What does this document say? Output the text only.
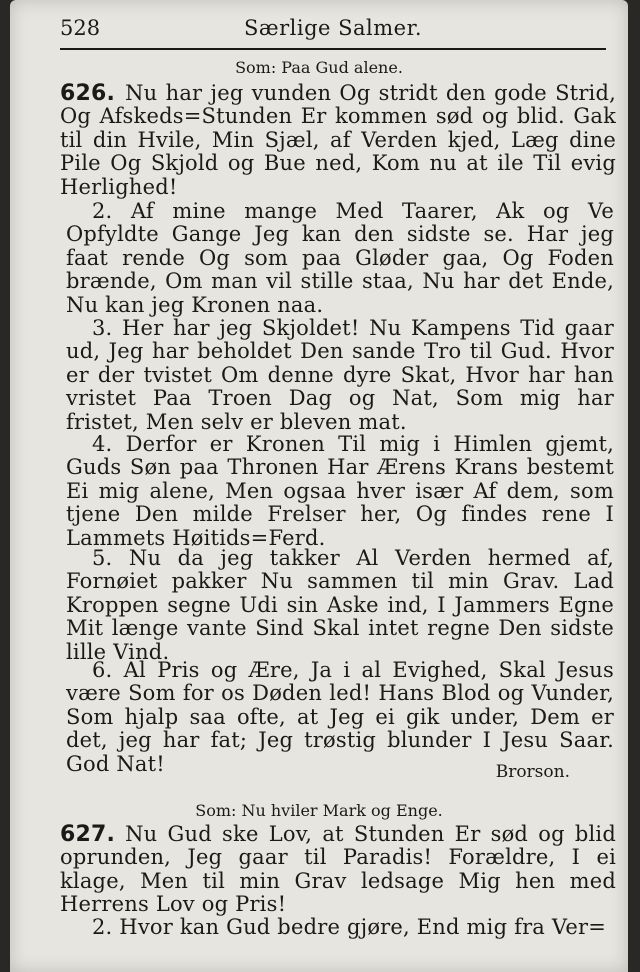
528	Særlige Salmer.
Som: Paa Gud alene.
626. Nu har jeg vunden Og stridt den gode Strid, Og Afskeds=Stunden Er kommen sød og blid. Gak til din Hvile, Min Sjæl, af Verden kjed, Læg dine Pile Og Skjold og Bue ned, Kom nu at ile Til evig Herlighed!
2. Af mine mange Med Taarer, Ak og Ve Opfyldte Gange Jeg kan den sidste se. Har jeg faat rende Og som paa Gløder gaa, Og Foden brænde, Om man vil stille staa, Nu har det Ende, Nu kan jeg Kronen naa.
3. Her har jeg Skjoldet! Nu Kampens Tid gaar ud, Jeg har beholdet Den sande Tro til Gud. Hvor er der tvistet Om denne dyre Skat, Hvor har han vristet Paa Troen Dag og Nat, Som mig har fristet, Men selv er bleven mat.
4. Derfor er Kronen Til mig i Himlen gjemt, Guds Søn paa Thronen Har Ærens Krans bestemt Ei mig alene, Men ogsaa hver især Af dem, som tjene Den milde Frelser her, Og findes rene I Lammets Høitids=Ferd.
5. Nu da jeg takker Al Verden hermed af, Fornøiet pakker Nu sammen til min Grav. Lad Kroppen segne Udi sin Aske ind, I Jammers Egne Mit længe vante Sind Skal intet regne Den sidste lille Vind.
6. Al Pris og Ære, Ja i al Evighed, Skal Jesus være Som for os Døden led! Hans Blod og Vunder, Som hjalp saa ofte, at Jeg ei gik under, Dem er det, jeg har fat; Jeg trøstig blunder I Jesu Saar. God Nat!	Brorson.
Som: Nu hviler Mark og Enge.
627. Nu Gud ske Lov, at Stunden Er sød og blid oprunden, Jeg gaar til Paradis! Forældre, I ei klage, Men til min Grav ledsage Mig hen med Herrens Lov og Pris!
2. Hvor kan Gud bedre gjøre, End mig fra Ver=
